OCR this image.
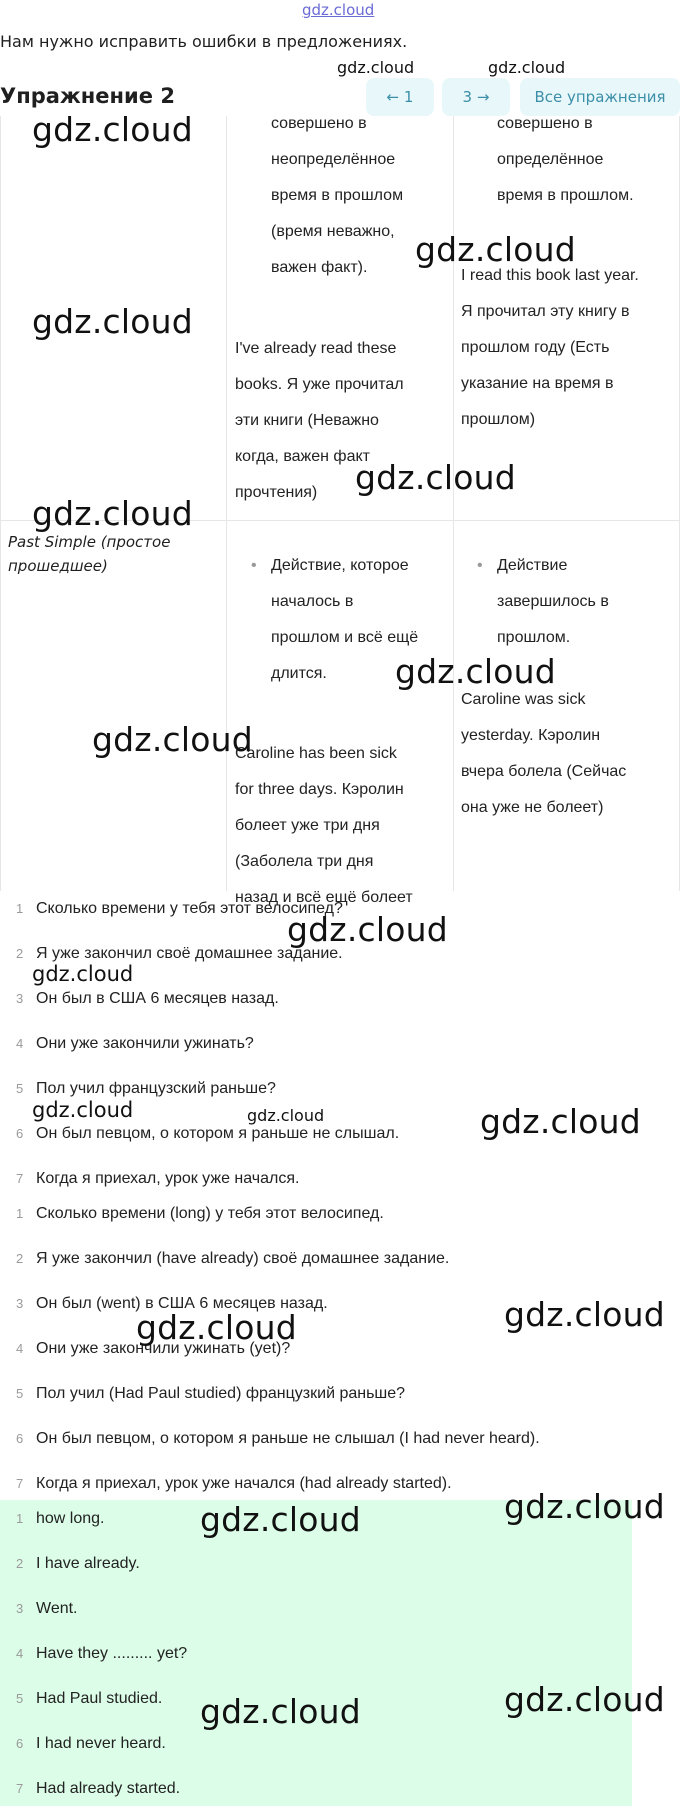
gdz.cloud
Нам нужно исправить ошибки в предложениях.
Упражнение 2	← 1	3 →	Все упражнения
совершено в
неопределённое
время в прошлом
(время неважно,
важен факт).
I've already read these
books. Я уже прочитал
эти книги (Неважно
когда, важен факт
прочтения)
совершено в
определённое
время в прошлом.
I read this book last year.
Я прочитал эту книгу в
прошлом году (Есть
указание на время в
прошлом)
Past Simple (простое прошедшее)
•	Действие, которое
началось в
прошлом и всё ещё
длится.
Caroline has been sick
for three days. Кэролин
болеет уже три дня
(Заболела три дня
назад и всё ещё болеет
• Действие
завершилось в
прошлом.
Caroline was sick
yesterday. Кэролин
вчера болела (Сейчас
она уже не болеет)
1 Сколько времени у тебя этот велосипед?
2 Я уже закончил своё домашнее задание.
3 Он был в США 6 месяцев назад.
4 Они уже закончили ужинать?
5 Пол учил французский раньше?
6 Он был певцом, о котором я раньше не слышал.
7 Когда я приехал, урок уже начался.
1 Сколько времени (long) у тебя этот велосипед.
2 Я уже закончил (have already) своё домашнее задание.
3 Он был (went) в США 6 месяцев назад.
4 Они уже закончили ужинать (yet)?
5 Пол учил (Had Paul studied) французкий раньше?
6 Он был певцом, о котором я раньше не слышал (I had never heard).
7 Когда я приехал, урок уже начался (had already started).
1 how long.
2 I have already.
3 Went.
4 Have they ......... yet?
5 Had Paul studied.
6 I had never heard.
7 Had already started.
gdz.cloud	gdz.cloud
gdz.cloud
gdz.cloud
gdz.cloud
gdz.cloud
gdz.cloud
gdz.cloud
gdz.cloud
gdz.cloud
gdz.cloud
gdz.cloud	gdz.cloud	gdz.cloud
gdz.cloud
gdz.cloud
gdz.cloud
gdz.cloud
gdz.cloud
gdz.cloud
